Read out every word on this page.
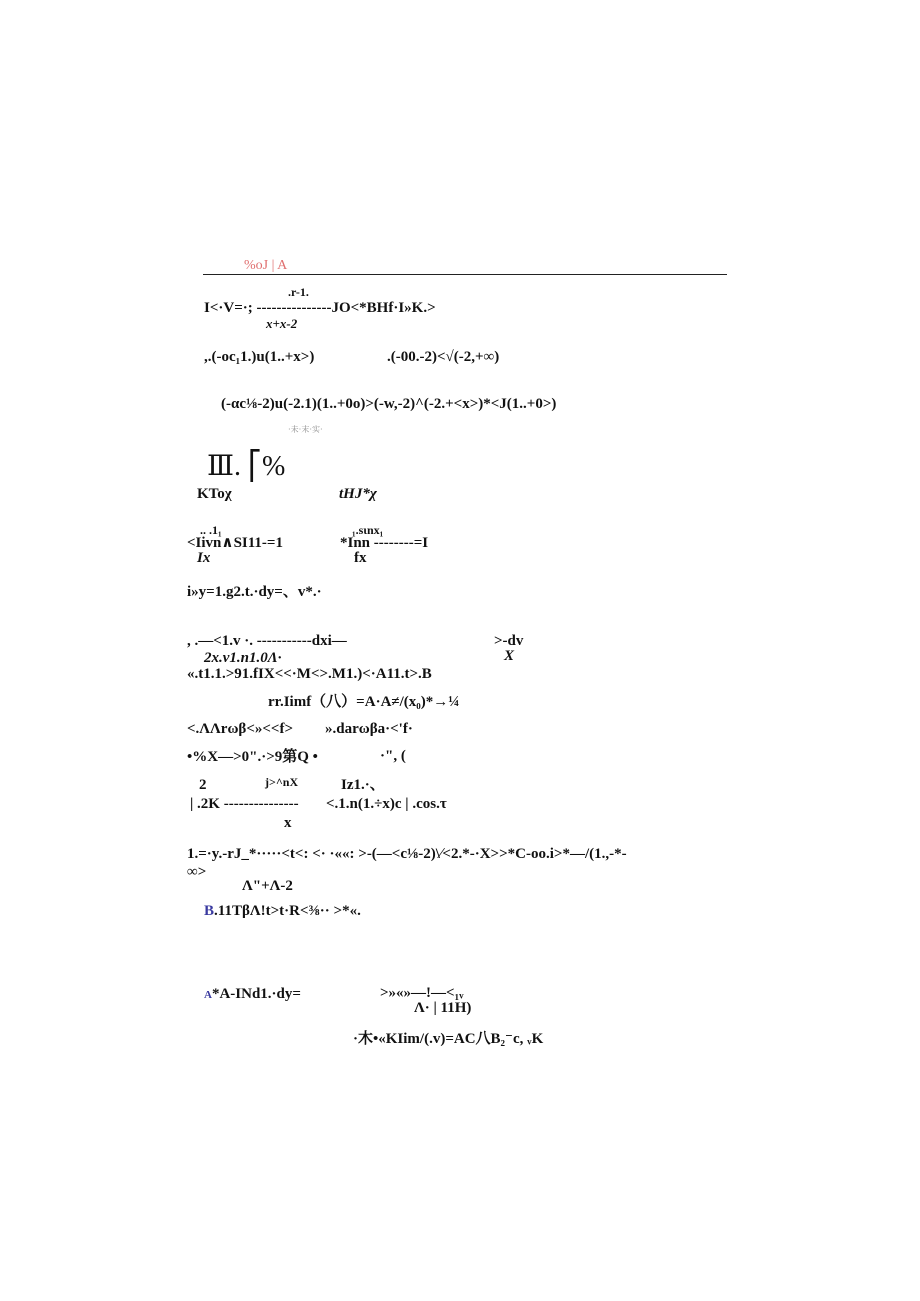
%oJ | A
.r-1.
I<·V=·; ---------------JO<*BHf·I»K.>
x+x-2
,.(-oc₁1.)u(1..+x>)	.(-00.-2)<√(-2,+∞)
(-αc⅛-2)u(-2.1)(1..+0o)>(-w,-2)^(-2.+<x>)*<J(1..+0>)
·未·末·实·
Ⅲ. ⎡%
KToχ	tHJ*χ
.. .1₁
<Iivn∧SI11-=1
Ix
₁.sιnx₁
*Inn --------=I
fx
i»y=1.g2.t.·dy=、v*.·
, .—<1.v ·. -----------dxi—	>-dv
X
2x.v1.n1.0Λ·
«.t1.1.>91.fIX<<·M<>.M1.)<·A11.t>.B
rr.Iimf（八）=A·A≠/(x₀)*→¼
<.ΛΛrωβ<»<<f> ».darωβa·<'f·
•%X—>0".·>9第Q •	·", (
2	j>^nX
| .2K ---------------
x
Iz1.·、
<.1.n(1.÷x)c | .cos.τ
1.=·y.-rJ_*·····<t<: <· ·««: >-(—<c⅛-2)\∕<2.*-·X>>*C-oo.i>*—/(1.,-*-
∞>
Λ"+Λ-2
B.11TβΛ!t>t·R<⅜·· >*«.
A*A-INd1.·dy=	>»«»—!—<₁ᵥ
Λ· | 11H)
·木•«KIim/(.v)=AC八B₂⁻c, ᵥK
